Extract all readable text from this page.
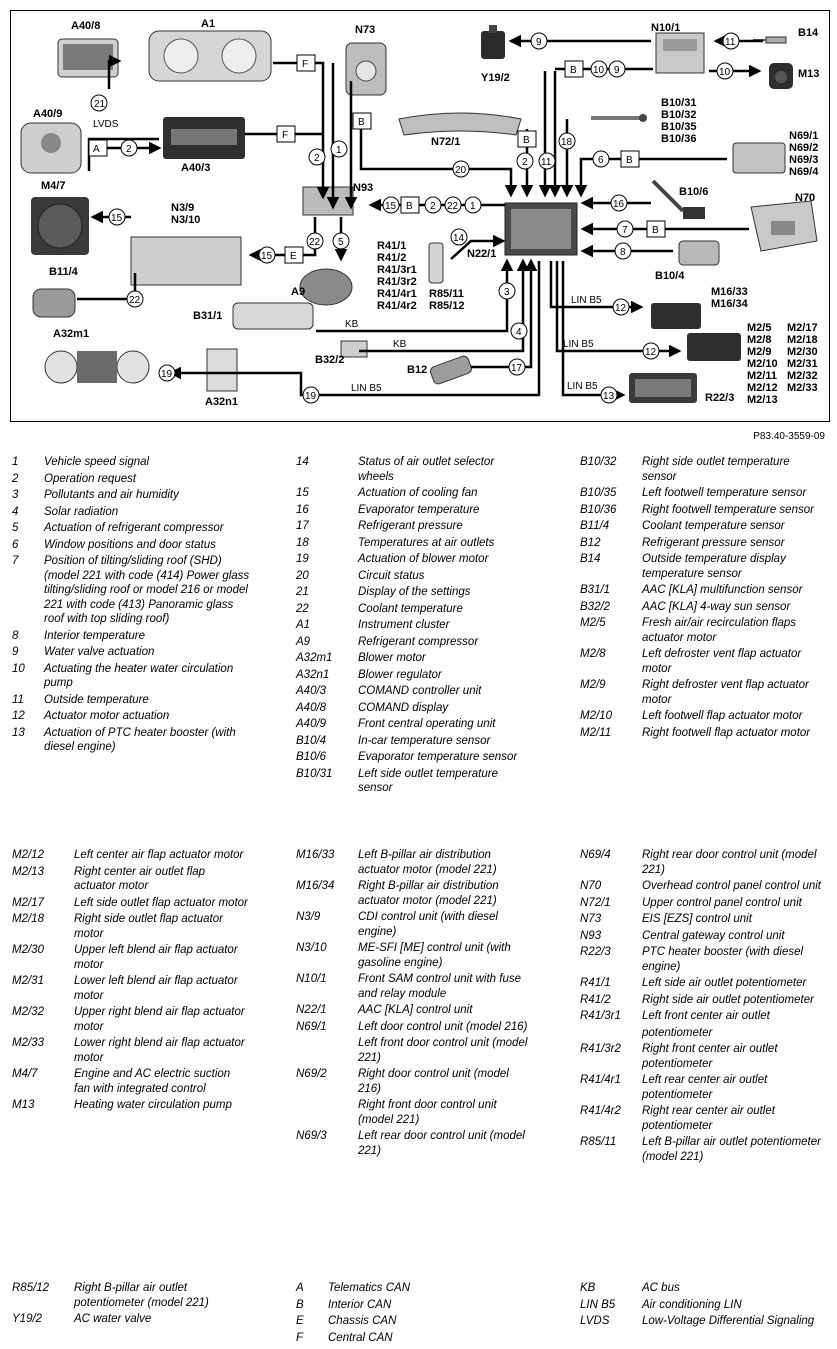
A40/8	A1	N73	N10/1	B14
Y19/2	M13
A40/9
A40/3
N72/1
B10/31
B10/32
B10/35
B10/36	N69/1
N69/2
N69/3
N69/4
M4/7	N93	B10/6	N70
N3/9
N3/10
N22/1
R41/1
R41/2
R41/3r1
R41/3r2
R41/4r1
R41/4r2
R85/11
R85/12
B10/4
B11/4
A9	M16/33
M16/34
B31/1
A32m1
B32/2
B12
A32n1	R22/3
M2/5
M2/8
M2/9
M2/10
M2/11
M2/12
M2/13
M2/17
M2/18
M2/30
M2/31
M2/32
M2/33
LVDS
KB
KB
LIN B5
LIN B5
LIN B5
LIN B5
F
F
A
B
B
B
B
B
B
E
21
2
2
1
20
2 11
18
9
10 9
11
10
6
16
7
8
15	2 22 1
22 5
15
15
22
14
3
4
17
19
19
12
12
13
P83.40-3559-09
1	Vehicle speed signal
2	Operation request
3	Pollutants and air humidity
4	Solar radiation
5	Actuation of refrigerant compressor
6	Window positions and door status
7	Position of tilting/sliding roof (SHD) (model 221 with code (414) Power glass tilting/sliding roof or model 216 or model 221 with code (413) Panoramic glass roof with top sliding roof)
8	Interior temperature
9	Water valve actuation
10	Actuating the heater water circulation pump
11	Outside temperature
12	Actuator motor actuation
13	Actuation of PTC heater booster (with diesel engine)
14	Status of air outlet selector wheels
15	Actuation of cooling fan
16	Evaporator temperature
17	Refrigerant pressure
18	Temperatures at air outlets
19	Actuation of blower motor
20	Circuit status
21	Display of the settings
22	Coolant temperature
A1	Instrument cluster
A9	Refrigerant compressor
A32m1	Blower motor
A32n1	Blower regulator
A40/3	COMAND controller unit
A40/8	COMAND display
A40/9	Front central operating unit
B10/4	In-car temperature sensor
B10/6	Evaporator temperature sensor
B10/31	Left side outlet temperature sensor
B10/32	Right side outlet temperature sensor
B10/35	Left footwell temperature sensor
B10/36	Right footwell temperature sensor
B11/4	Coolant temperature sensor
B12	Refrigerant pressure sensor
B14	Outside temperature display temperature sensor
B31/1	AAC [KLA] multifunction sensor
B32/2	AAC [KLA] 4-way sun sensor
M2/5	Fresh air/air recirculation flaps actuator motor
M2/8	Left defroster vent flap actuator motor
M2/9	Right defroster vent flap actuator motor
M2/10	Left footwell flap actuator motor
M2/11	Right footwell flap actuator motor
M2/12	Left center air flap actuator motor
M2/13	Right center air outlet flap actuator motor
M2/17	Left side outlet flap actuator motor
M2/18	Right side outlet flap actuator motor
M2/30	Upper left blend air flap actuator motor
M2/31	Lower left blend air flap actuator motor
M2/32	Upper right blend air flap actuator motor
M2/33	Lower right blend air flap actuator motor
M4/7	Engine and AC electric suction fan with integrated control
M13	Heating water circulation pump
M16/33	Left B-pillar air distribution actuator motor (model 221)
M16/34	Right B-pillar air distribution actuator motor (model 221)
N3/9	CDI control unit (with diesel engine)
N3/10	ME-SFI [ME] control unit (with gasoline engine)
N10/1	Front SAM control unit with fuse and relay module
N22/1	AAC [KLA] control unit
N69/1	Left door control unit (model 216)
Left front door control unit (model 221)
N69/2	Right door control unit (model 216)
Right front door control unit (model 221)
N69/3	Left rear door control unit (model 221)
N69/4	Right rear door control unit (model 221)
N70	Overhead control panel control unit
N72/1	Upper control panel control unit
N73	EIS [EZS] control unit
N93	Central gateway control unit
R22/3	PTC heater booster (with diesel engine)
R41/1	Left side air outlet potentiometer
R41/2	Right side air outlet potentiometer
R41/3r1	Left front center air outlet
potentiometer
R41/3r2	Right front center air outlet potentiometer
R41/4r1	Left rear center air outlet potentiometer
R41/4r2	Right rear center air outlet potentiometer
R85/11	Left B-pillar air outlet potentiometer (model 221)
R85/12	Right B-pillar air outlet potentiometer (model 221)
Y19/2	AC water valve
A	Telematics CAN
B	Interior CAN
E	Chassis CAN
F	Central CAN
KB	AC bus
LIN B5	Air conditioning LIN
LVDS	Low-Voltage Differential Signaling
